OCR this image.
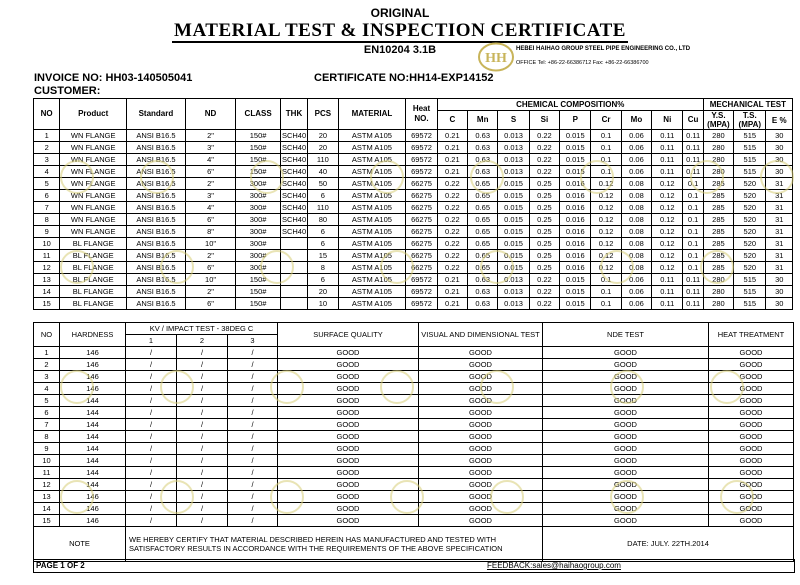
ORIGINAL
MATERIAL TEST & INSPECTION CERTIFICATE
EN10204 3.1B
HH
HEBEI HAIHAO GROUP STEEL PIPE ENGINEERING CO., LTD
OFFICE Tel: +86-22-66386712 Fax: +86-22-66386700
INVOICE NO: HH03-140505041
CUSTOMER:
CERTIFICATE NO:HH14-EXP14152
NO	Product	Standard	ND	CLASS	THK	PCS	MATERIAL	Heat NO.	CHEMICAL COMPOSITION%									MECHANICAL TEST		
									C	Mn	S	Si	P	Cr	Mo	Ni	Cu	Y.S. (MPA)	T.S. (MPA)	E %
1	WN FLANGE	ANSI B16.5	2"	150#	SCH40	20	ASTM A105	69572	0.21	0.63	0.013	0.22	0.015	0.1	0.06	0.11	0.11	280	515	30
2	WN FLANGE	ANSI B16.5	3"	150#	SCH40	20	ASTM A105	69572	0.21	0.63	0.013	0.22	0.015	0.1	0.06	0.11	0.11	280	515	30
3	WN FLANGE	ANSI B16.5	4"	150#	SCH40	110	ASTM A105	69572	0.21	0.63	0.013	0.22	0.015	0.1	0.06	0.11	0.11	280	515	30
4	WN FLANGE	ANSI B16.5	6"	150#	SCH40	40	ASTM A105	69572	0.21	0.63	0.013	0.22	0.015	0.1	0.06	0.11	0.11	280	515	30
5	WN FLANGE	ANSI B16.5	2"	300#	SCH40	50	ASTM A105	66275	0.22	0.65	0.015	0.25	0.016	0.12	0.08	0.12	0.1	285	520	31
6	WN FLANGE	ANSI B16.5	3"	300#	SCH40	6	ASTM A105	66275	0.22	0.65	0.015	0.25	0.016	0.12	0.08	0.12	0.1	285	520	31
7	WN FLANGE	ANSI B16.5	4"	300#	SCH40	110	ASTM A105	66275	0.22	0.65	0.015	0.25	0.016	0.12	0.08	0.12	0.1	285	520	31
8	WN FLANGE	ANSI B16.5	6"	300#	SCH40	80	ASTM A105	66275	0.22	0.65	0.015	0.25	0.016	0.12	0.08	0.12	0.1	285	520	31
9	WN FLANGE	ANSI B16.5	8"	300#	SCH40	6	ASTM A105	66275	0.22	0.65	0.015	0.25	0.016	0.12	0.08	0.12	0.1	285	520	31
10	BL FLANGE	ANSI B16.5	10"	300#		6	ASTM A105	66275	0.22	0.65	0.015	0.25	0.016	0.12	0.08	0.12	0.1	285	520	31
11	BL FLANGE	ANSI B16.5	2"	300#		15	ASTM A105	66275	0.22	0.65	0.015	0.25	0.016	0.12	0.08	0.12	0.1	285	520	31
12	BL FLANGE	ANSI B16.5	6"	300#		8	ASTM A105	66275	0.22	0.65	0.015	0.25	0.016	0.12	0.08	0.12	0.1	285	520	31
13	BL FLANGE	ANSI B16.5	10"	150#		6	ASTM A105	69572	0.21	0.63	0.013	0.22	0.015	0.1	0.06	0.11	0.11	280	515	30
14	BL FLANGE	ANSI B16.5	2"	150#		20	ASTM A105	69572	0.21	0.63	0.013	0.22	0.015	0.1	0.06	0.11	0.11	280	515	30
15	BL FLANGE	ANSI B16.5	6"	150#		10	ASTM A105	69572	0.21	0.63	0.013	0.22	0.015	0.1	0.06	0.11	0.11	280	515	30
NO	HARDNESS	KV / IMPACT TEST - 38DEG C			SURFACE QUALITY	VISUAL AND DIMENSIONAL TEST	NDE TEST	HEAT TREATMENT
		1	2	3				
1	146	/	/	/	GOOD	GOOD	GOOD	GOOD
2	146	/	/	/	GOOD	GOOD	GOOD	GOOD
3	146	/	/	/	GOOD	GOOD	GOOD	GOOD
4	146	/	/	/	GOOD	GOOD	GOOD	GOOD
5	144	/	/	/	GOOD	GOOD	GOOD	GOOD
6	144	/	/	/	GOOD	GOOD	GOOD	GOOD
7	144	/	/	/	GOOD	GOOD	GOOD	GOOD
8	144	/	/	/	GOOD	GOOD	GOOD	GOOD
9	144	/	/	/	GOOD	GOOD	GOOD	GOOD
10	144	/	/	/	GOOD	GOOD	GOOD	GOOD
11	144	/	/	/	GOOD	GOOD	GOOD	GOOD
12	144	/	/	/	GOOD	GOOD	GOOD	GOOD
13	146	/	/	/	GOOD	GOOD	GOOD	GOOD
14	146	/	/	/	GOOD	GOOD	GOOD	GOOD
15	146	/	/	/	GOOD	GOOD	GOOD	GOOD
NOTE		WE HEREBY CERTIFY THAT MATERIAL DESCRIBED HEREIN HAS MANUFACTURED AND TESTED WITH SATISFACTORY RESULTS IN ACCORDANCE WITH THE REQUIREMENTS OF THE ABOVE SPECIFICATION					DATE: JULY. 22TH.2014	
PAGE 1 OF 2	FEEDBACK:sales@haihaogroup.com
